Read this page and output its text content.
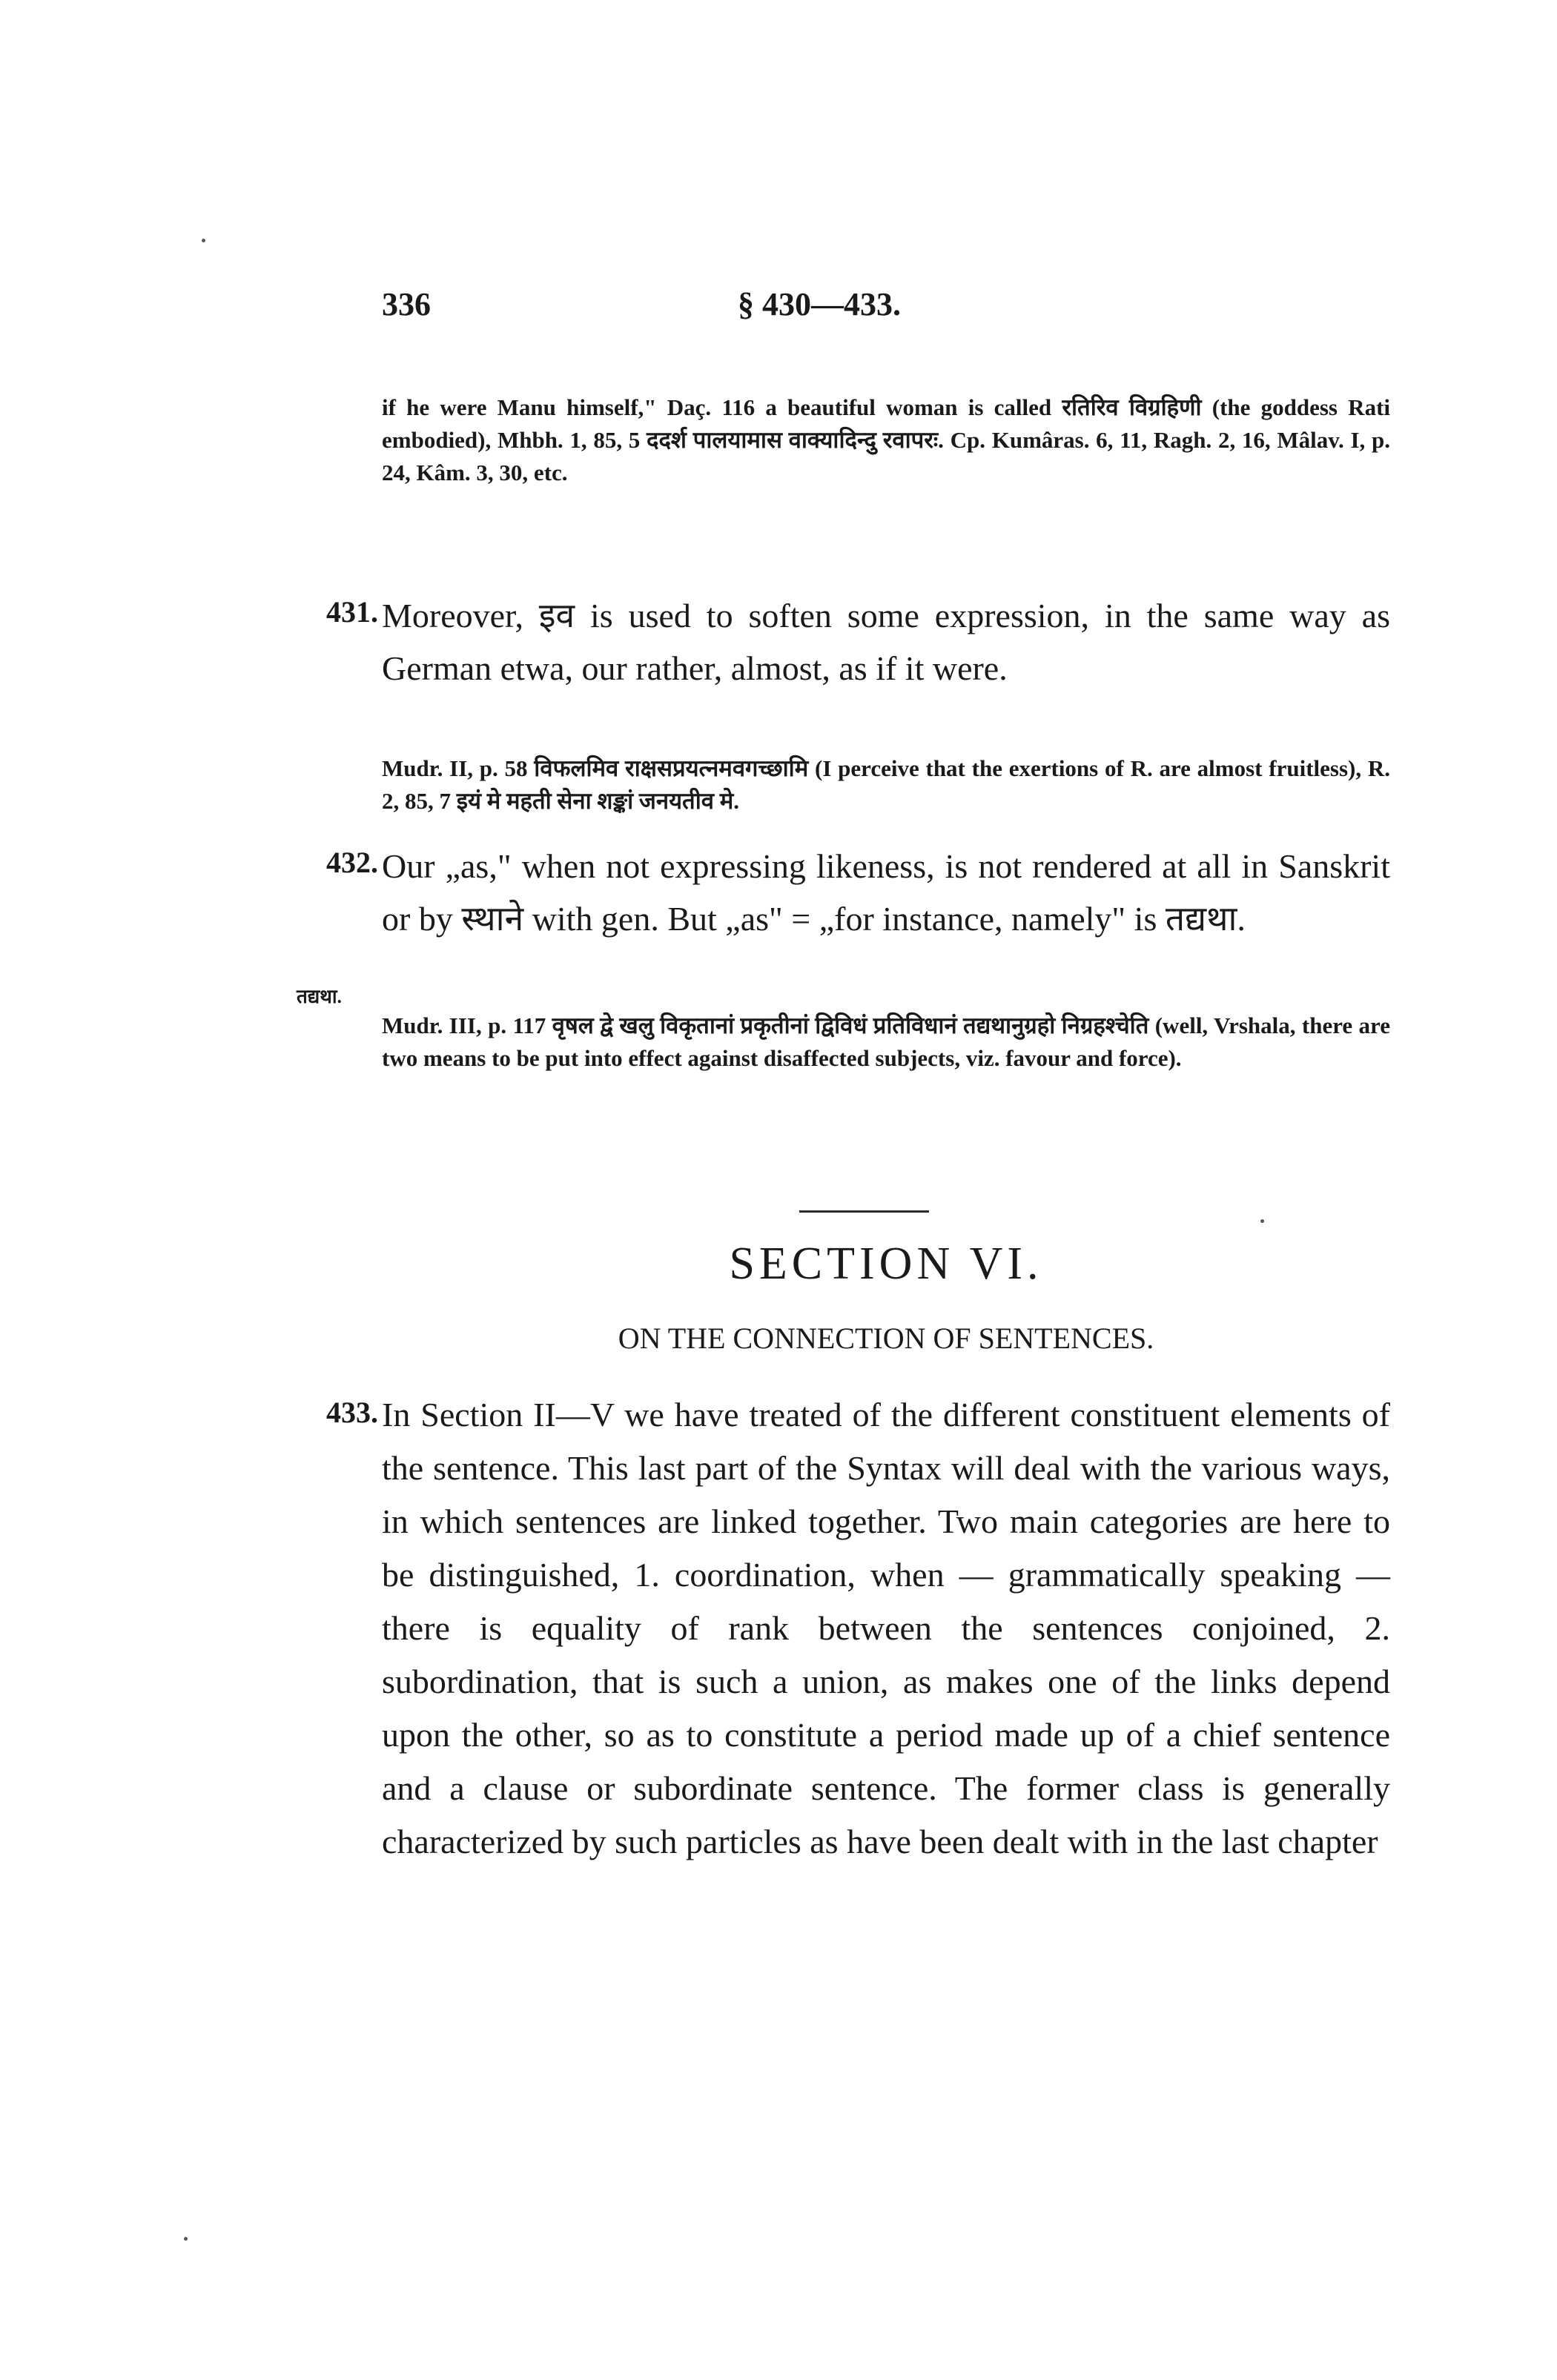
336	§ 430—433.
if he were Manu himself," Daç. 116 a beautiful woman is called रतिरिव विग्रहिणी (the goddess Rati embodied), Mhbh. 1, 85, 5 ददर्श पालयामास वाक्यादिन्दु रवापरः. Cp. Kumâras. 6, 11, Ragh. 2, 16, Mâlav. I, p. 24, Kâm. 3, 30, etc.
431. Moreover, इव is used to soften some expression, in the same way as German etwa, our rather, almost, as if it were.
Mudr. II, p. 58 विफलमिव राक्षसप्रयत्नमवगच्छामि (I perceive that the exertions of R. are almost fruitless), R. 2, 85, 7 इयं मे महती सेना शङ्कां जनयतीव मे.
432.
तद्यथा.
Our „as," when not expressing likeness, is not rendered at all in Sanskrit or by स्थाने with gen. But „as" = „for instance, namely" is तद्यथा.
Mudr. III, p. 117 वृषल द्वे खलु विकृतानां प्रकृतीनां द्विविधं प्रतिविधानं तद्यथानुग्रहो निग्रहश्चेति (well, Vrshala, there are two means to be put into effect against disaffected subjects, viz. favour and force).
SECTION VI.
ON THE CONNECTION OF SENTENCES.
433. In Section II—V we have treated of the different constituent elements of the sentence. This last part of the Syntax will deal with the various ways, in which sentences are linked together. Two main categories are here to be distinguished, 1. coordination, when — grammatically speaking — there is equality of rank between the sentences conjoined, 2. subordination, that is such a union, as makes one of the links depend upon the other, so as to constitute a period made up of a chief sentence and a clause or subordinate sentence. The former class is generally characterized by such particles as have been dealt with in the last chapter
